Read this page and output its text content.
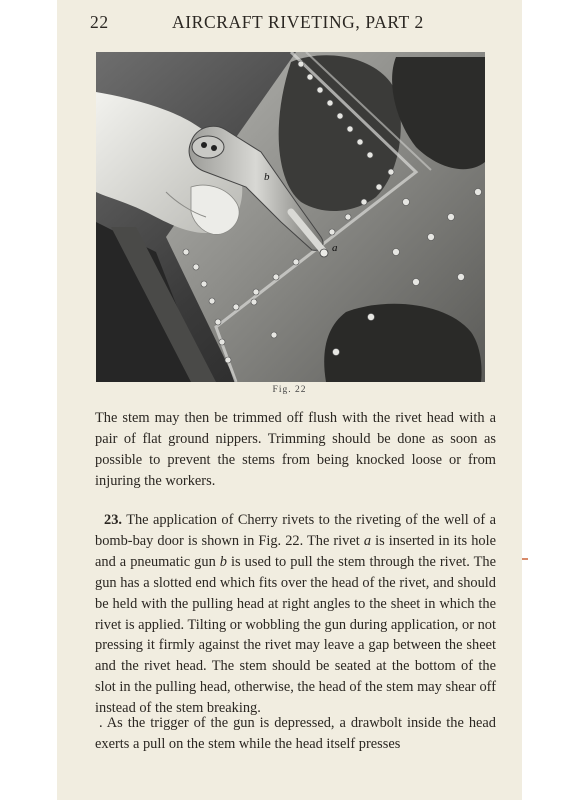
22	AIRCRAFT RIVETING, PART 2
b
a
Fig. 22

The stem may then be trimmed off flush with the rivet head with a pair of flat ground nippers. Trimming should be done as soon as possible to prevent the stems from being knocked loose or from injuring the workers.

23. The application of Cherry rivets to the riveting of the well of a bomb-bay door is shown in Fig. 22. The rivet a is inserted in its hole and a pneumatic gun b is used to pull the stem through the rivet. The gun has a slotted end which fits over the head of the rivet, and should be held with the pulling head at right angles to the sheet in which the rivet is applied. Tilting or wobbling the gun during application, or not pressing it firmly against the rivet may leave a gap between the sheet and the rivet head. The stem should be seated at the bottom of the slot in the pulling head, otherwise, the head of the stem may shear off instead of the stem breaking.

. As the trigger of the gun is depressed, a drawbolt inside the head exerts a pull on the stem while the head itself presses
